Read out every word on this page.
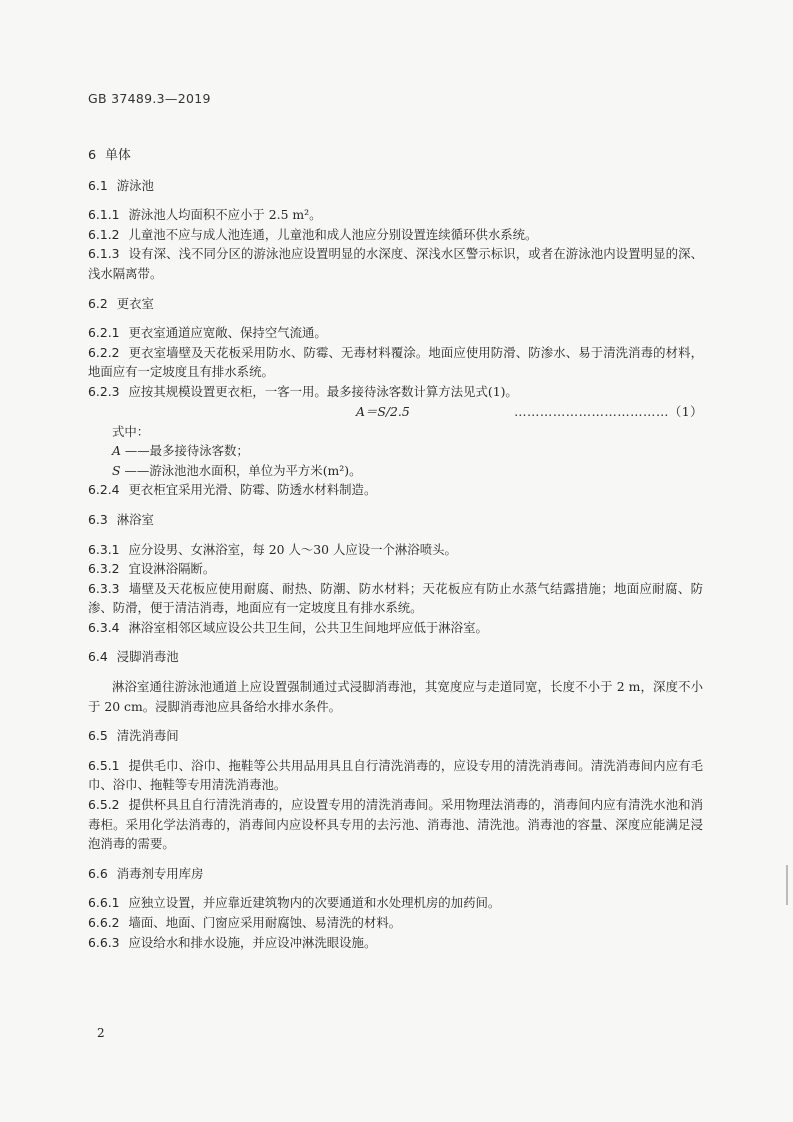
GB 37489.3—2019
6 单体
6.1 游泳池
6.1.1 游泳池人均面积不应小于 2.5 m²。
6.1.2 儿童池不应与成人池连通，儿童池和成人池应分别设置连续循环供水系统。
6.1.3 设有深、浅不同分区的游泳池应设置明显的水深度、深浅水区警示标识，或者在游泳池内设置明显的深、浅水隔离带。
6.2 更衣室
6.2.1 更衣室通道应宽敞、保持空气流通。
6.2.2 更衣室墙壁及天花板采用防水、防霉、无毒材料覆涂。地面应使用防滑、防渗水、易于清洗消毒的材料，地面应有一定坡度且有排水系统。
6.2.3 应按其规模设置更衣柜，一客一用。最多接待泳客数计算方法见式(1)。
A＝S/2.5	………………………………（1）
式中：
A ——最多接待泳客数；
S ——游泳池池水面积，单位为平方米(m²)。
6.2.4 更衣柜宜采用光滑、防霉、防透水材料制造。
6.3 淋浴室
6.3.1 应分设男、女淋浴室，每 20 人～30 人应设一个淋浴喷头。
6.3.2 宜设淋浴隔断。
6.3.3 墙壁及天花板应使用耐腐、耐热、防潮、防水材料；天花板应有防止水蒸气结露措施；地面应耐腐、防渗、防滑，便于清洁消毒，地面应有一定坡度且有排水系统。
6.3.4 淋浴室相邻区域应设公共卫生间，公共卫生间地坪应低于淋浴室。
6.4 浸脚消毒池
淋浴室通往游泳池通道上应设置强制通过式浸脚消毒池，其宽度应与走道同宽，长度不小于 2 m，深度不小于 20 cm。浸脚消毒池应具备给水排水条件。
6.5 清洗消毒间
6.5.1 提供毛巾、浴巾、拖鞋等公共用品用具且自行清洗消毒的，应设专用的清洗消毒间。清洗消毒间内应有毛巾、浴巾、拖鞋等专用清洗消毒池。
6.5.2 提供杯具且自行清洗消毒的，应设置专用的清洗消毒间。采用物理法消毒的，消毒间内应有清洗水池和消毒柜。采用化学法消毒的，消毒间内应设杯具专用的去污池、消毒池、清洗池。消毒池的容量、深度应能满足浸泡消毒的需要。
6.6 消毒剂专用库房
6.6.1 应独立设置，并应靠近建筑物内的次要通道和水处理机房的加药间。
6.6.2 墙面、地面、门窗应采用耐腐蚀、易清洗的材料。
6.6.3 应设给水和排水设施，并应设冲淋洗眼设施。
2
